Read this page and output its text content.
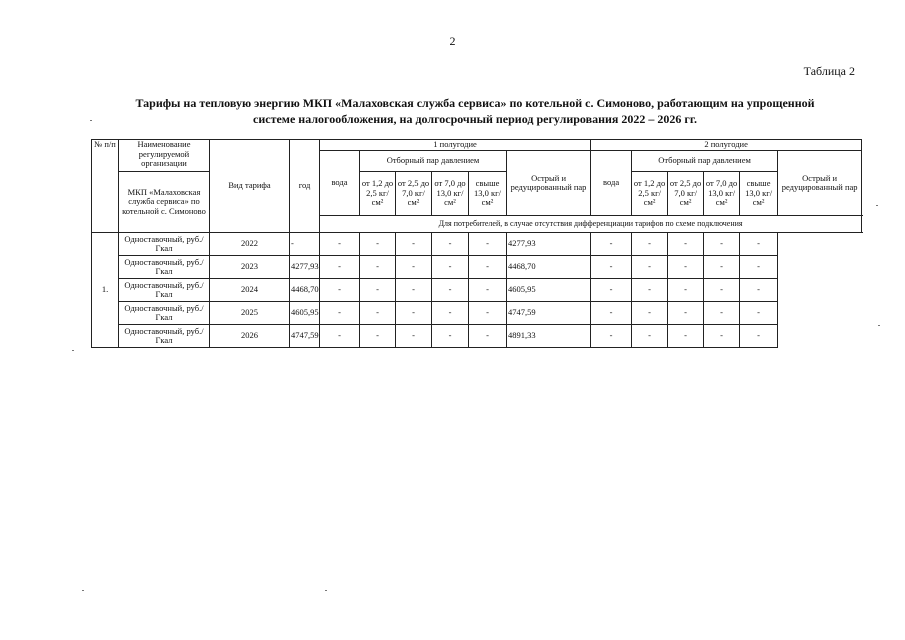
2
Таблица 2
Тарифы на тепловую энергию МКП «Малаховская служба сервиса» по котельной с. Симоново, работающим на упрощенной
системе налогообложения, на долгосрочный период регулирования 2022 – 2026 гг.
№ п/п	Наименование регулируемой организации	Вид тарифа	год	1 полугодие						2 полугодие					
				вода	Отборный пар давлением				Острый и редуцированный пар	вода	Отборный пар давлением				Острый и редуцированный пар
	МКП «Малаховская служба сервиса» по котельной с. Симоново				от 1,2 до 2,5 кг/см²	от 2,5 до 7,0 кг/см²	от 7,0 до 13,0 кг/см²	свыше 13,0 кг/см²			от 1,2 до 2,5 кг/см²	от 2,5 до 7,0 кг/см²	от 7,0 до 13,0 кг/см²	свыше 13,0 кг/см²	
				Для потребителей, в случае отсутствия дифференциации тарифов по схеме подключения											
1.	Одноставочный, руб./Гкал	2022	-	-	-	-	-	-	4277,93	-	-	-	-	-	
	Одноставочный, руб./Гкал	2023	4277,93	-	-	-	-	-	4468,70	-	-	-	-	-	
	Одноставочный, руб./Гкал	2024	4468,70	-	-	-	-	-	4605,95	-	-	-	-	-	
	Одноставочный, руб./Гкал	2025	4605,95	-	-	-	-	-	4747,59	-	-	-	-	-	
	Одноставочный, руб./Гкал	2026	4747,59	-	-	-	-	-	4891,33	-	-	-	-	-	
